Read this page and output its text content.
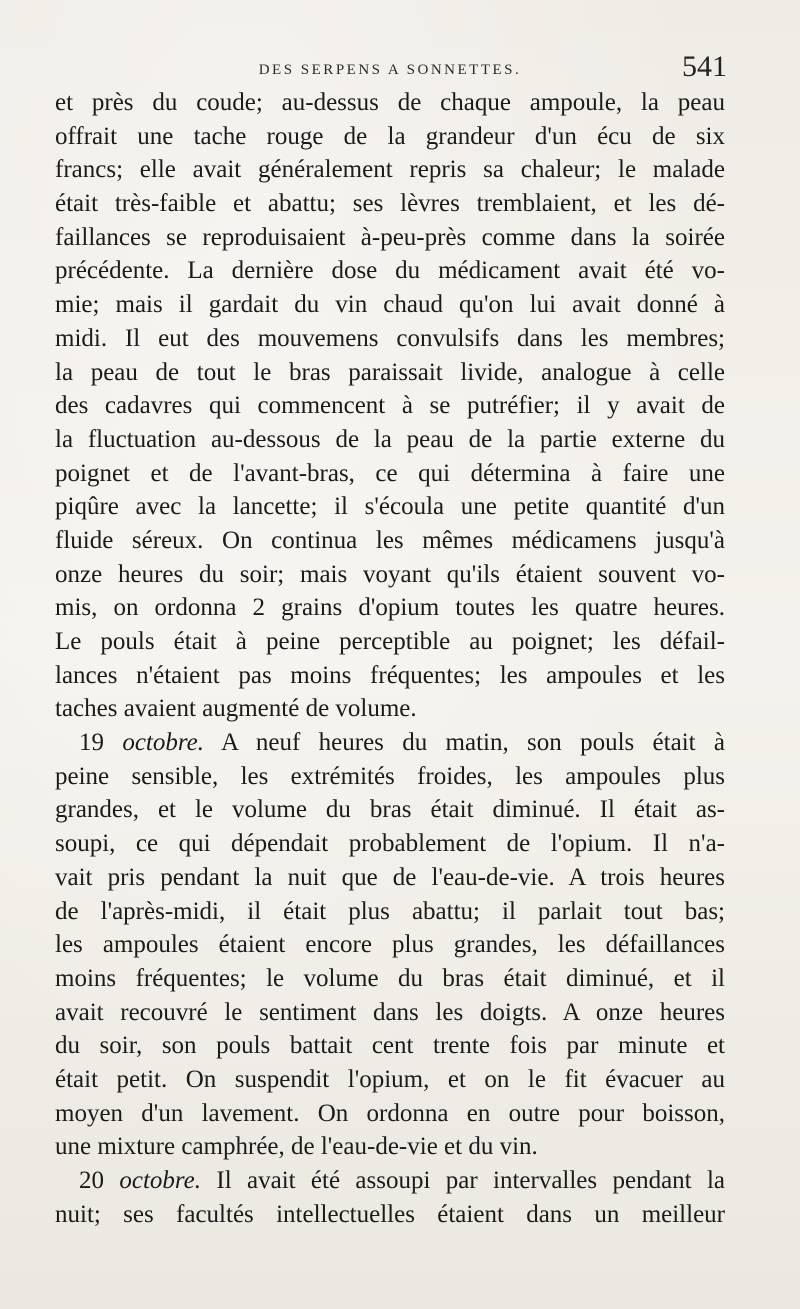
DES SERPENS A SONNETTES.	541
et près du coude; au-dessus de chaque ampoule, la peau
offrait une tache rouge de la grandeur d'un écu de six
francs; elle avait généralement repris sa chaleur; le malade
était très-faible et abattu; ses lèvres tremblaient, et les dé-
faillances se reproduisaient à-peu-près comme dans la soirée
précédente. La dernière dose du médicament avait été vo-
mie; mais il gardait du vin chaud qu'on lui avait donné à
midi. Il eut des mouvemens convulsifs dans les membres;
la peau de tout le bras paraissait livide, analogue à celle
des cadavres qui commencent à se putréfier; il y avait de
la fluctuation au-dessous de la peau de la partie externe du
poignet et de l'avant-bras, ce qui détermina à faire une
piqûre avec la lancette; il s'écoula une petite quantité d'un
fluide séreux. On continua les mêmes médicamens jusqu'à
onze heures du soir; mais voyant qu'ils étaient souvent vo-
mis, on ordonna 2 grains d'opium toutes les quatre heures.
Le pouls était à peine perceptible au poignet; les défail-
lances n'étaient pas moins fréquentes; les ampoules et les
taches avaient augmenté de volume.
19 octobre. A neuf heures du matin, son pouls était à
peine sensible, les extrémités froides, les ampoules plus
grandes, et le volume du bras était diminué. Il était as-
soupi, ce qui dépendait probablement de l'opium. Il n'a-
vait pris pendant la nuit que de l'eau-de-vie. A trois heures
de l'après-midi, il était plus abattu; il parlait tout bas;
les ampoules étaient encore plus grandes, les défaillances
moins fréquentes; le volume du bras était diminué, et il
avait recouvré le sentiment dans les doigts. A onze heures
du soir, son pouls battait cent trente fois par minute et
était petit. On suspendit l'opium, et on le fit évacuer au
moyen d'un lavement. On ordonna en outre pour boisson,
une mixture camphrée, de l'eau-de-vie et du vin.
20 octobre. Il avait été assoupi par intervalles pendant la
nuit; ses facultés intellectuelles étaient dans un meilleur
